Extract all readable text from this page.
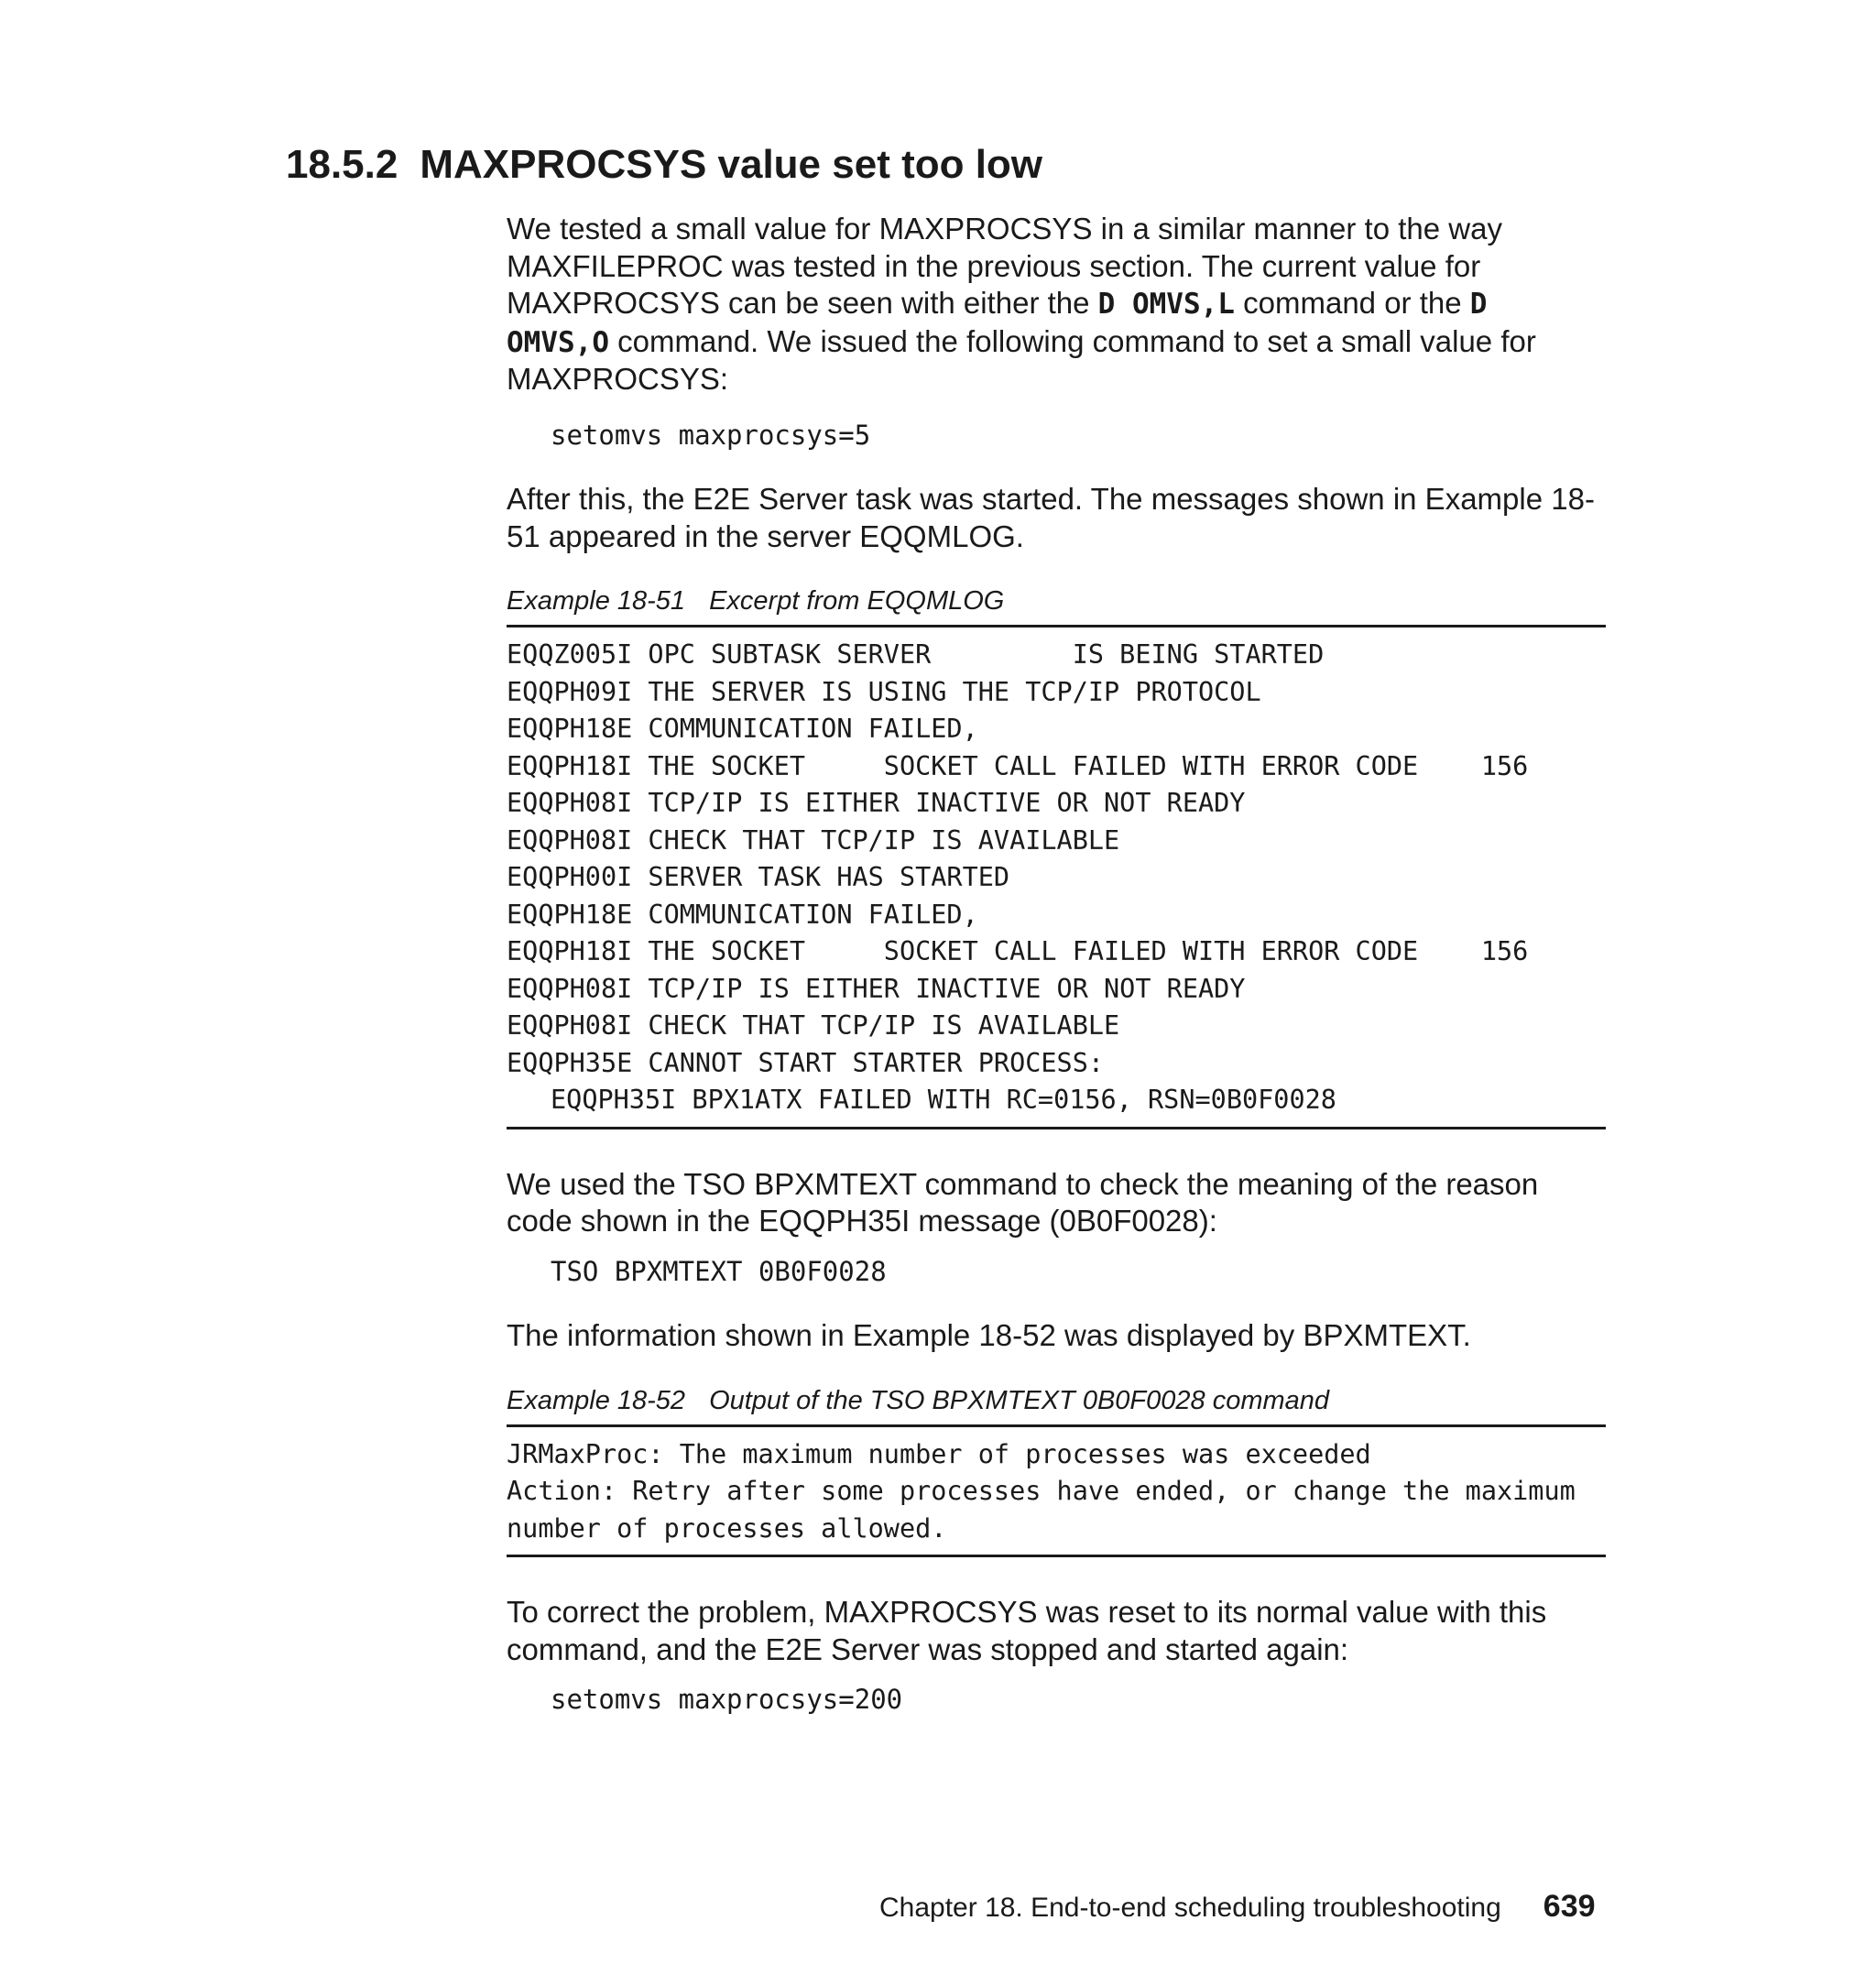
18.5.2 MAXPROCSYS value set too low

We tested a small value for MAXPROCSYS in a similar manner to the way MAXFILEPROC was tested in the previous section. The current value for MAXPROCSYS can be seen with either the D OMVS,L command or the D OMVS,O command. We issued the following command to set a small value for MAXPROCSYS:

setomvs maxprocsys=5

After this, the E2E Server task was started. The messages shown in Example 18-51 appeared in the server EQQMLOG.

Example 18-51 Excerpt from EQQMLOG

EQQZ005I OPC SUBTASK SERVER         IS BEING STARTED

EQQPH09I THE SERVER IS USING THE TCP/IP PROTOCOL

EQQPH18E COMMUNICATION FAILED,

EQQPH18I THE SOCKET     SOCKET CALL FAILED WITH ERROR CODE    156

EQQPH08I TCP/IP IS EITHER INACTIVE OR NOT READY

EQQPH08I CHECK THAT TCP/IP IS AVAILABLE

EQQPH00I SERVER TASK HAS STARTED

EQQPH18E COMMUNICATION FAILED,

EQQPH18I THE SOCKET     SOCKET CALL FAILED WITH ERROR CODE    156

EQQPH08I TCP/IP IS EITHER INACTIVE OR NOT READY

EQQPH08I CHECK THAT TCP/IP IS AVAILABLE

EQQPH35E CANNOT START STARTER PROCESS:

EQQPH35I BPX1ATX FAILED WITH RC=0156, RSN=0B0F0028

We used the TSO BPXMTEXT command to check the meaning of the reason code shown in the EQQPH35I message (0B0F0028):

TSO BPXMTEXT 0B0F0028

The information shown in Example 18-52 was displayed by BPXMTEXT.

Example 18-52 Output of the TSO BPXMTEXT 0B0F0028 command

JRMaxProc: The maximum number of processes was exceeded

Action: Retry after some processes have ended, or change the maximum

number of processes allowed.

To correct the problem, MAXPROCSYS was reset to its normal value with this command, and the E2E Server was stopped and started again:

setomvs maxprocsys=200

Chapter 18. End-to-end scheduling troubleshooting 639
